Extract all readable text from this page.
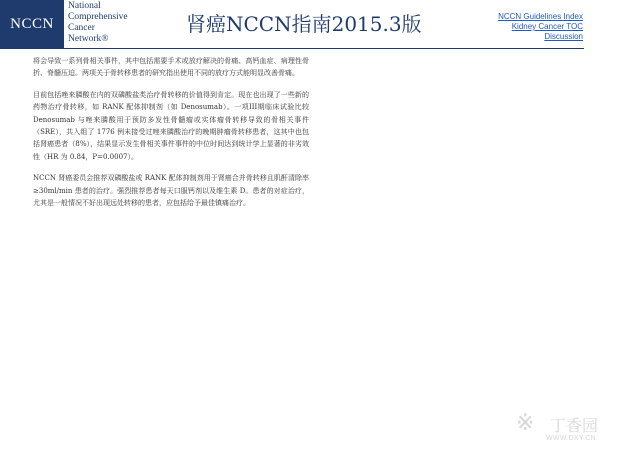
NCCN
National
Comprehensive
Cancer
Network®
肾癌NCCN指南2015.3版	NCCN Guidelines Index
Kidney Cancer TOC
Discussion

将会导致一系列骨相关事件，其中包括需要手术或放疗解决的骨痛、高钙血症、病理性骨折、脊髓压迫。两项关于骨转移患者的研究指出使用不同的放疗方式能明显改善骨痛。

目前包括唑来膦酸在内的双磷酸盐类治疗骨转移的价值得到肯定。现在也出现了一些新的药物治疗骨转移，如 RANK 配体抑制剂（如 Denosumab）。一项III期临床试验比较 Denosumab 与唑来膦酸用于预防多发性骨髓瘤或实体瘤骨转移导致的骨相关事件（SRE），共入组了 1776 例未接受过唑来膦酸治疗的晚期肿瘤骨转移患者，这其中也包括肾癌患者（8%），结果显示发生骨相关事件事件的中位时间达到统计学上显著的非劣效性（HR 为 0.84，P=0.0007）。

NCCN 肾癌委员会推荐双磷酸盐或 RANK 配体抑制剂用于肾癌合并骨转移且肌酐清除率≥30ml/min 患者的治疗。强烈推荐患者每天口服钙剂以及维生素 D。患者的对症治疗，尤其是一般情况不好出现远处转移的患者，应包括给予最佳镇痛治疗。

※ 丁香园
WWW.DXY.CN
